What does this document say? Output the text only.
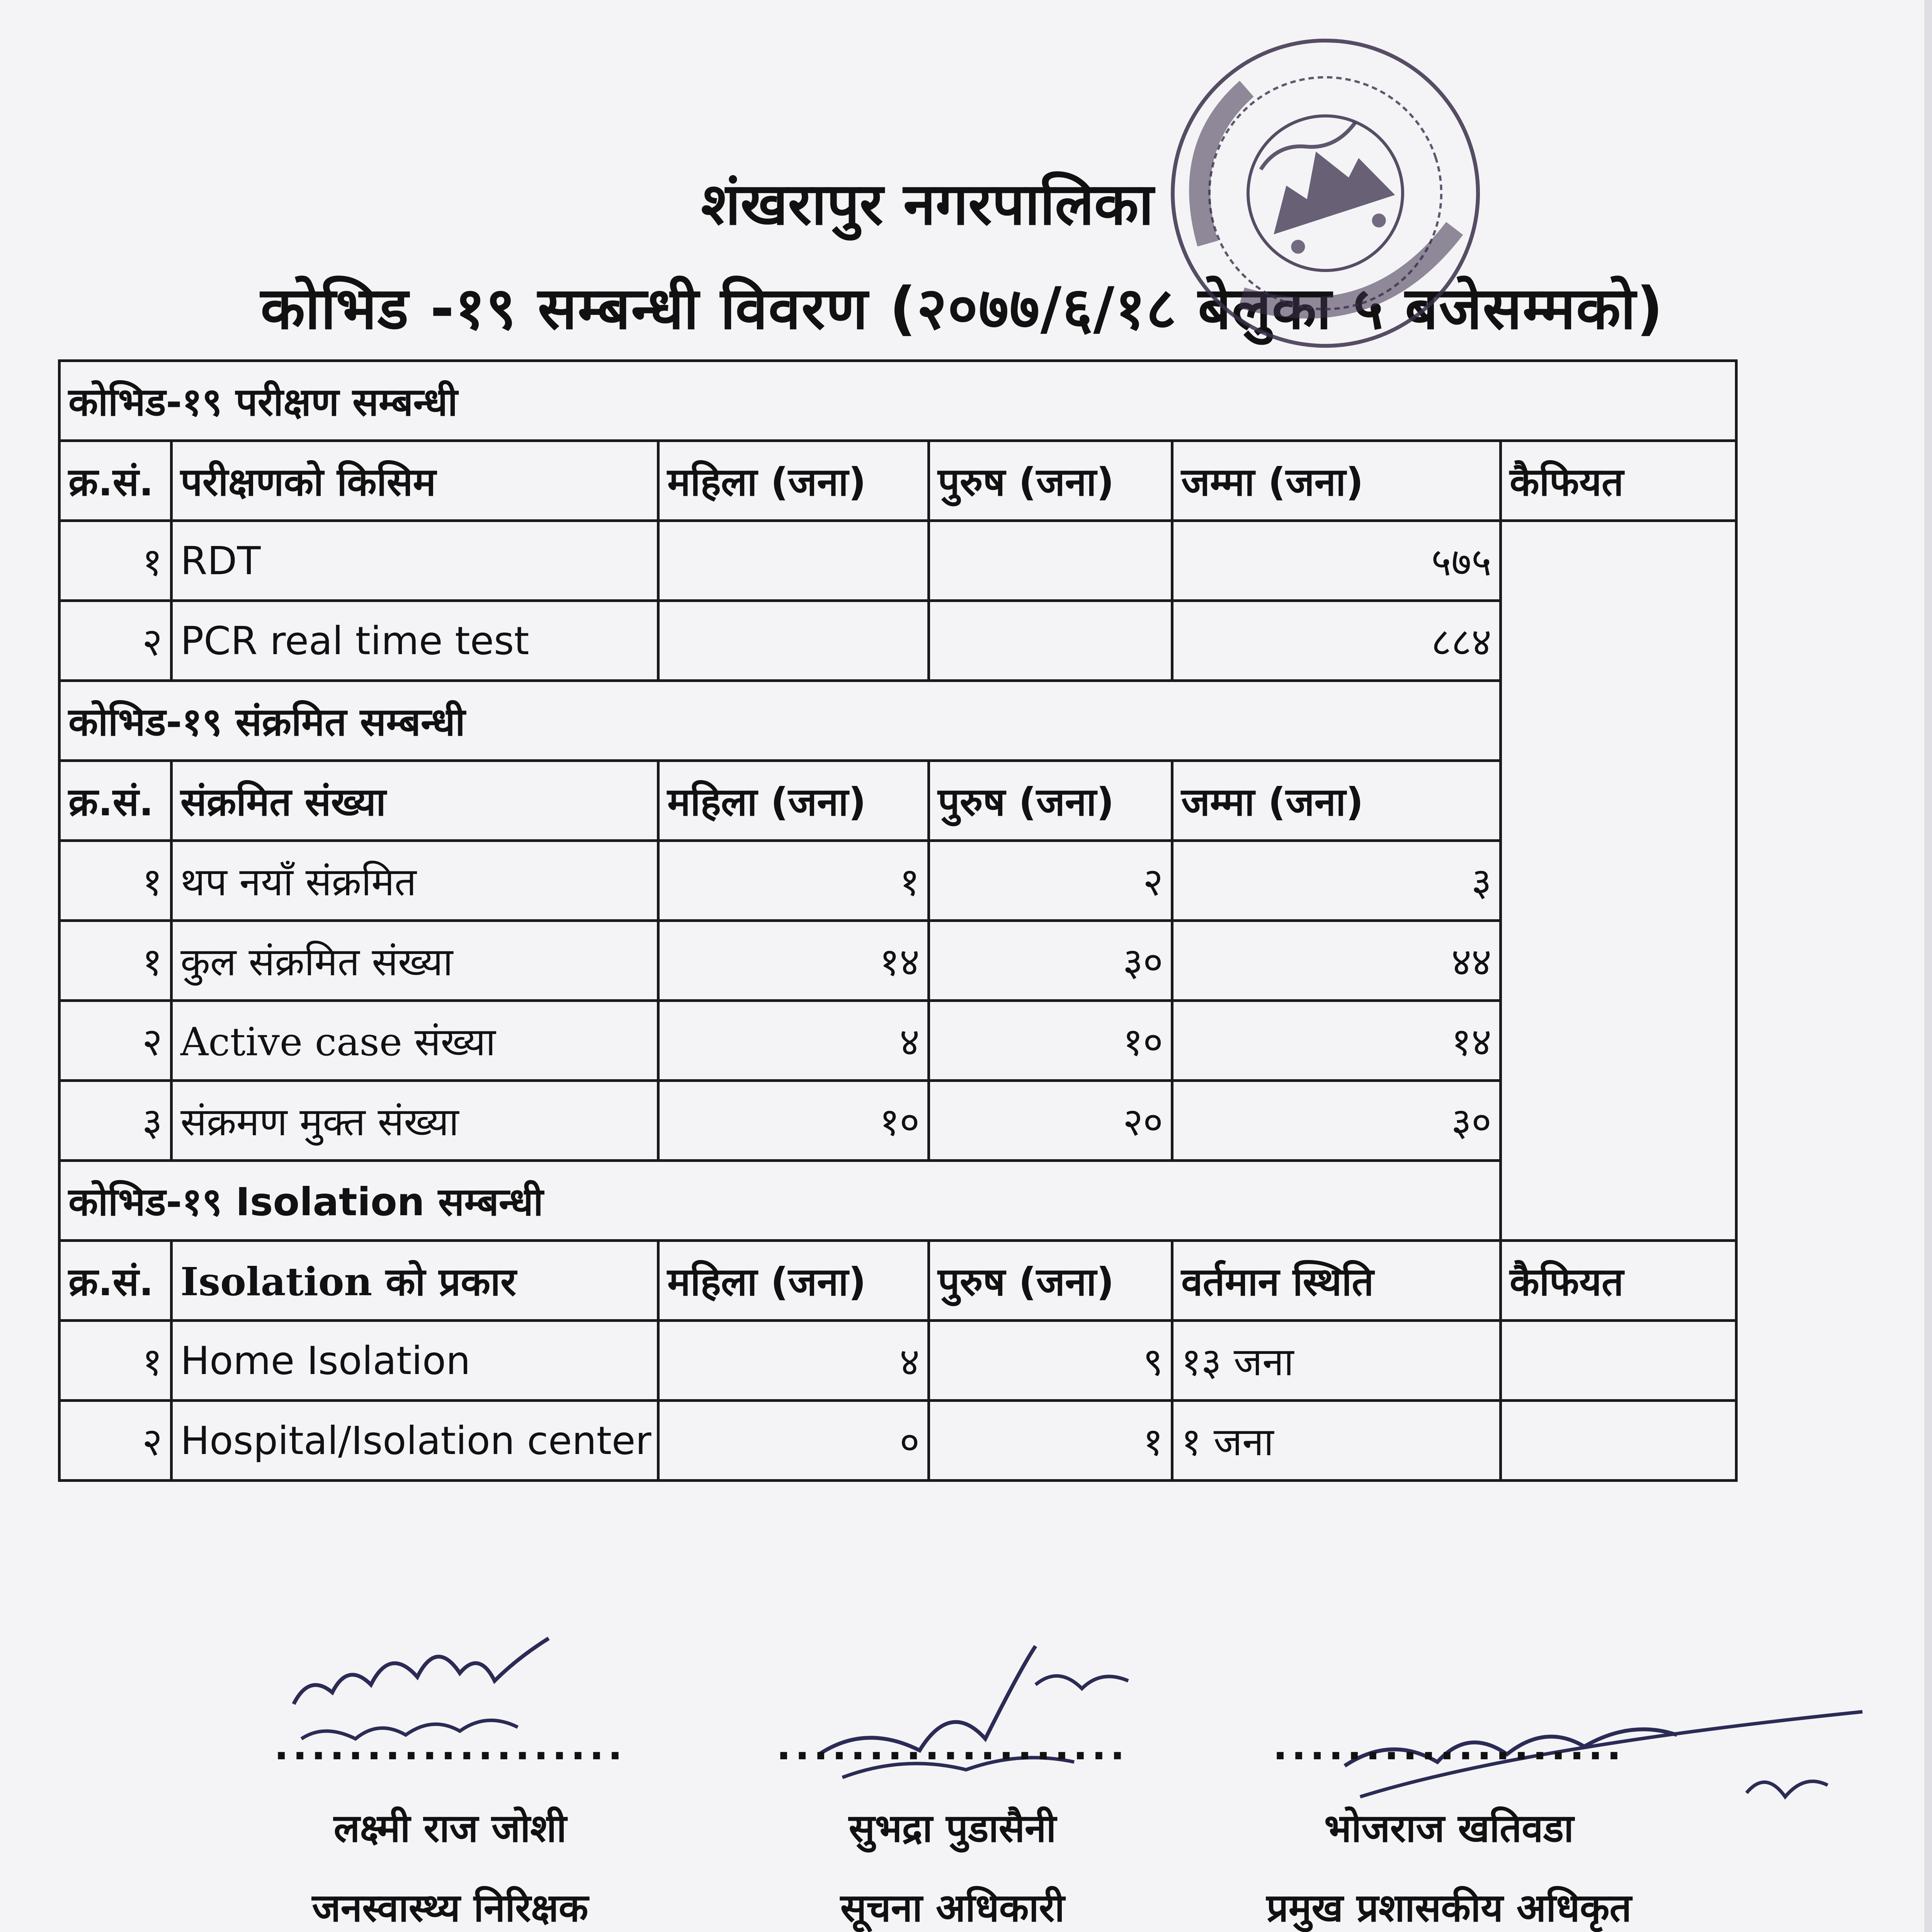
शंखरापुर नगरपालिका
कोभिड -१९ सम्बन्धी विवरण (२०७७/६/१८ बेलुका ५ बजेसम्मको)
कोभिड-१९ परीक्षण सम्बन्धी					
क्र.सं.	परीक्षणको किसिम	महिला (जना)	पुरुष (जना)	जम्मा (जना)	कैफियत
१	RDT			५७५	
२	PCR real time test			८८४	
कोभिड-१९ संक्रमित सम्बन्धी					
क्र.सं.	संक्रमित संख्या	महिला (जना)	पुरुष (जना)	जम्मा (जना)	
१	थप नयाँ संक्रमित	१	२	३	
१	कुल संक्रमित संख्या	१४	३०	४४	
२	Active case संख्या	४	१०	१४	
३	संक्रमण मुक्त संख्या	१०	२०	३०	
कोभिड-१९ Isolation सम्बन्धी					
क्र.सं.	Isolation को प्रकार	महिला (जना)	पुरुष (जना)	वर्तमान स्थिति	कैफियत
१	Home Isolation	४	९	१३ जना	
२	Hospital/Isolation center	०	१	१ जना	
...................
लक्ष्मी राज जोशी
जनस्वास्थ्य निरिक्षक
...................
सुभद्रा पुडासैनी
सूचना अधिकारी
...................
भोजराज खतिवडा
प्रमुख प्रशासकीय अधिकृत
